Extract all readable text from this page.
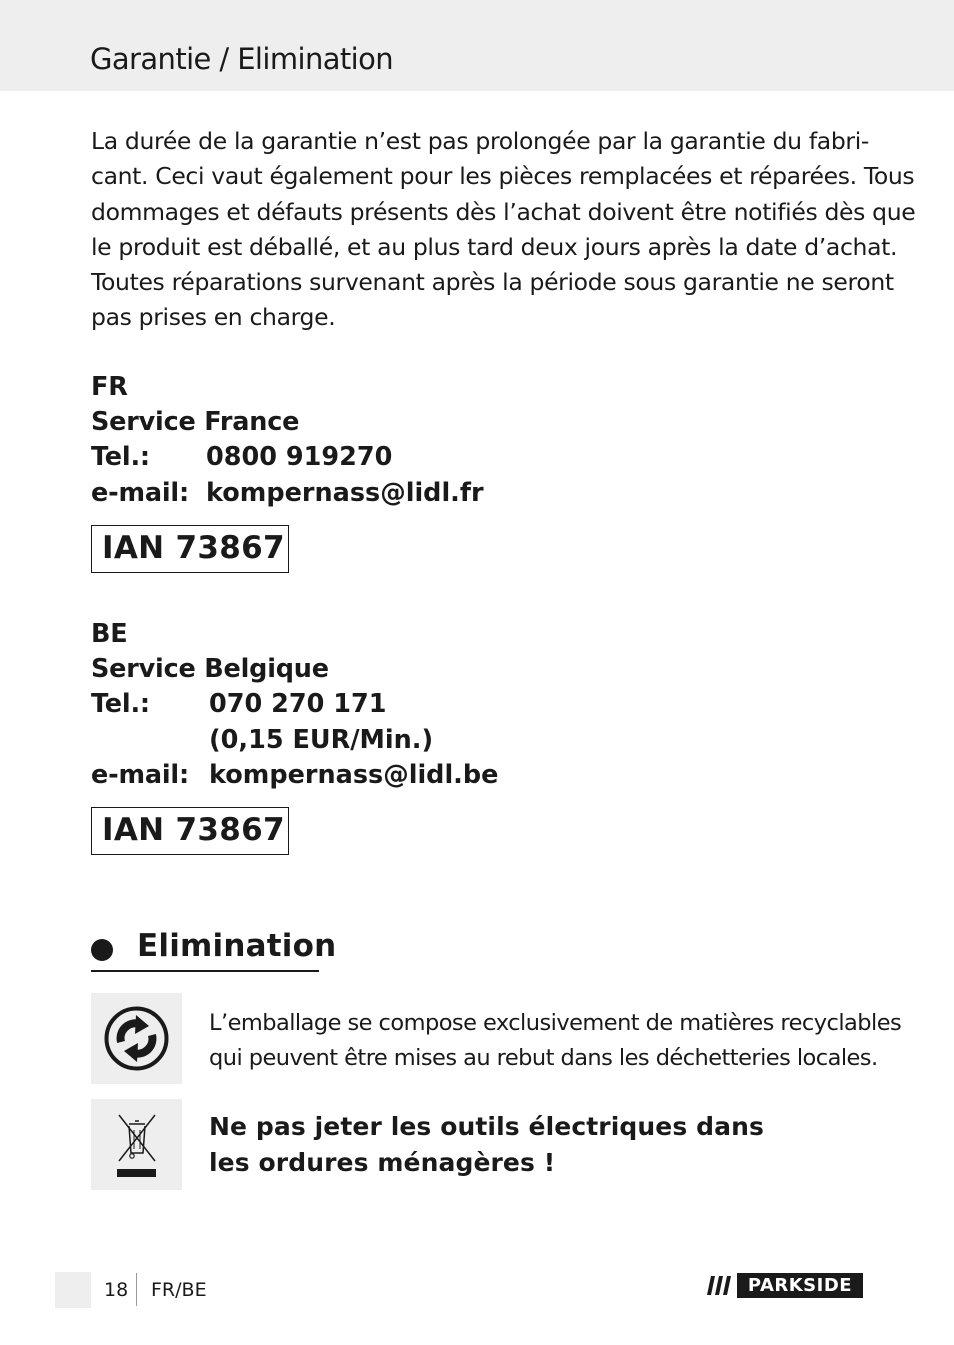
Garantie / Elimination
La durée de la garantie n’est pas prolongée par la garantie du fabri-
cant. Ceci vaut également pour les pièces remplacées et réparées. Tous
dommages et défauts présents dès l’achat doivent être notifiés dès que
le produit est déballé, et au plus tard deux jours après la date d’achat.
Toutes réparations survenant après la période sous garantie ne seront
pas prises en charge.
FR
Service France
Tel.: 0800 919270
e-mail: kompernass@lidl.fr
IAN 73867
BE
Service Belgique
Tel.: 070 270 171
(0,15 EUR/Min.)
e-mail: kompernass@lidl.be
IAN 73867
Elimination
L’emballage se compose exclusivement de matières recyclables
qui peuvent être mises au rebut dans les déchetteries locales.
Ne pas jeter les outils électriques dans
les ordures ménagères !
18 FR/BE	PARKSIDE
